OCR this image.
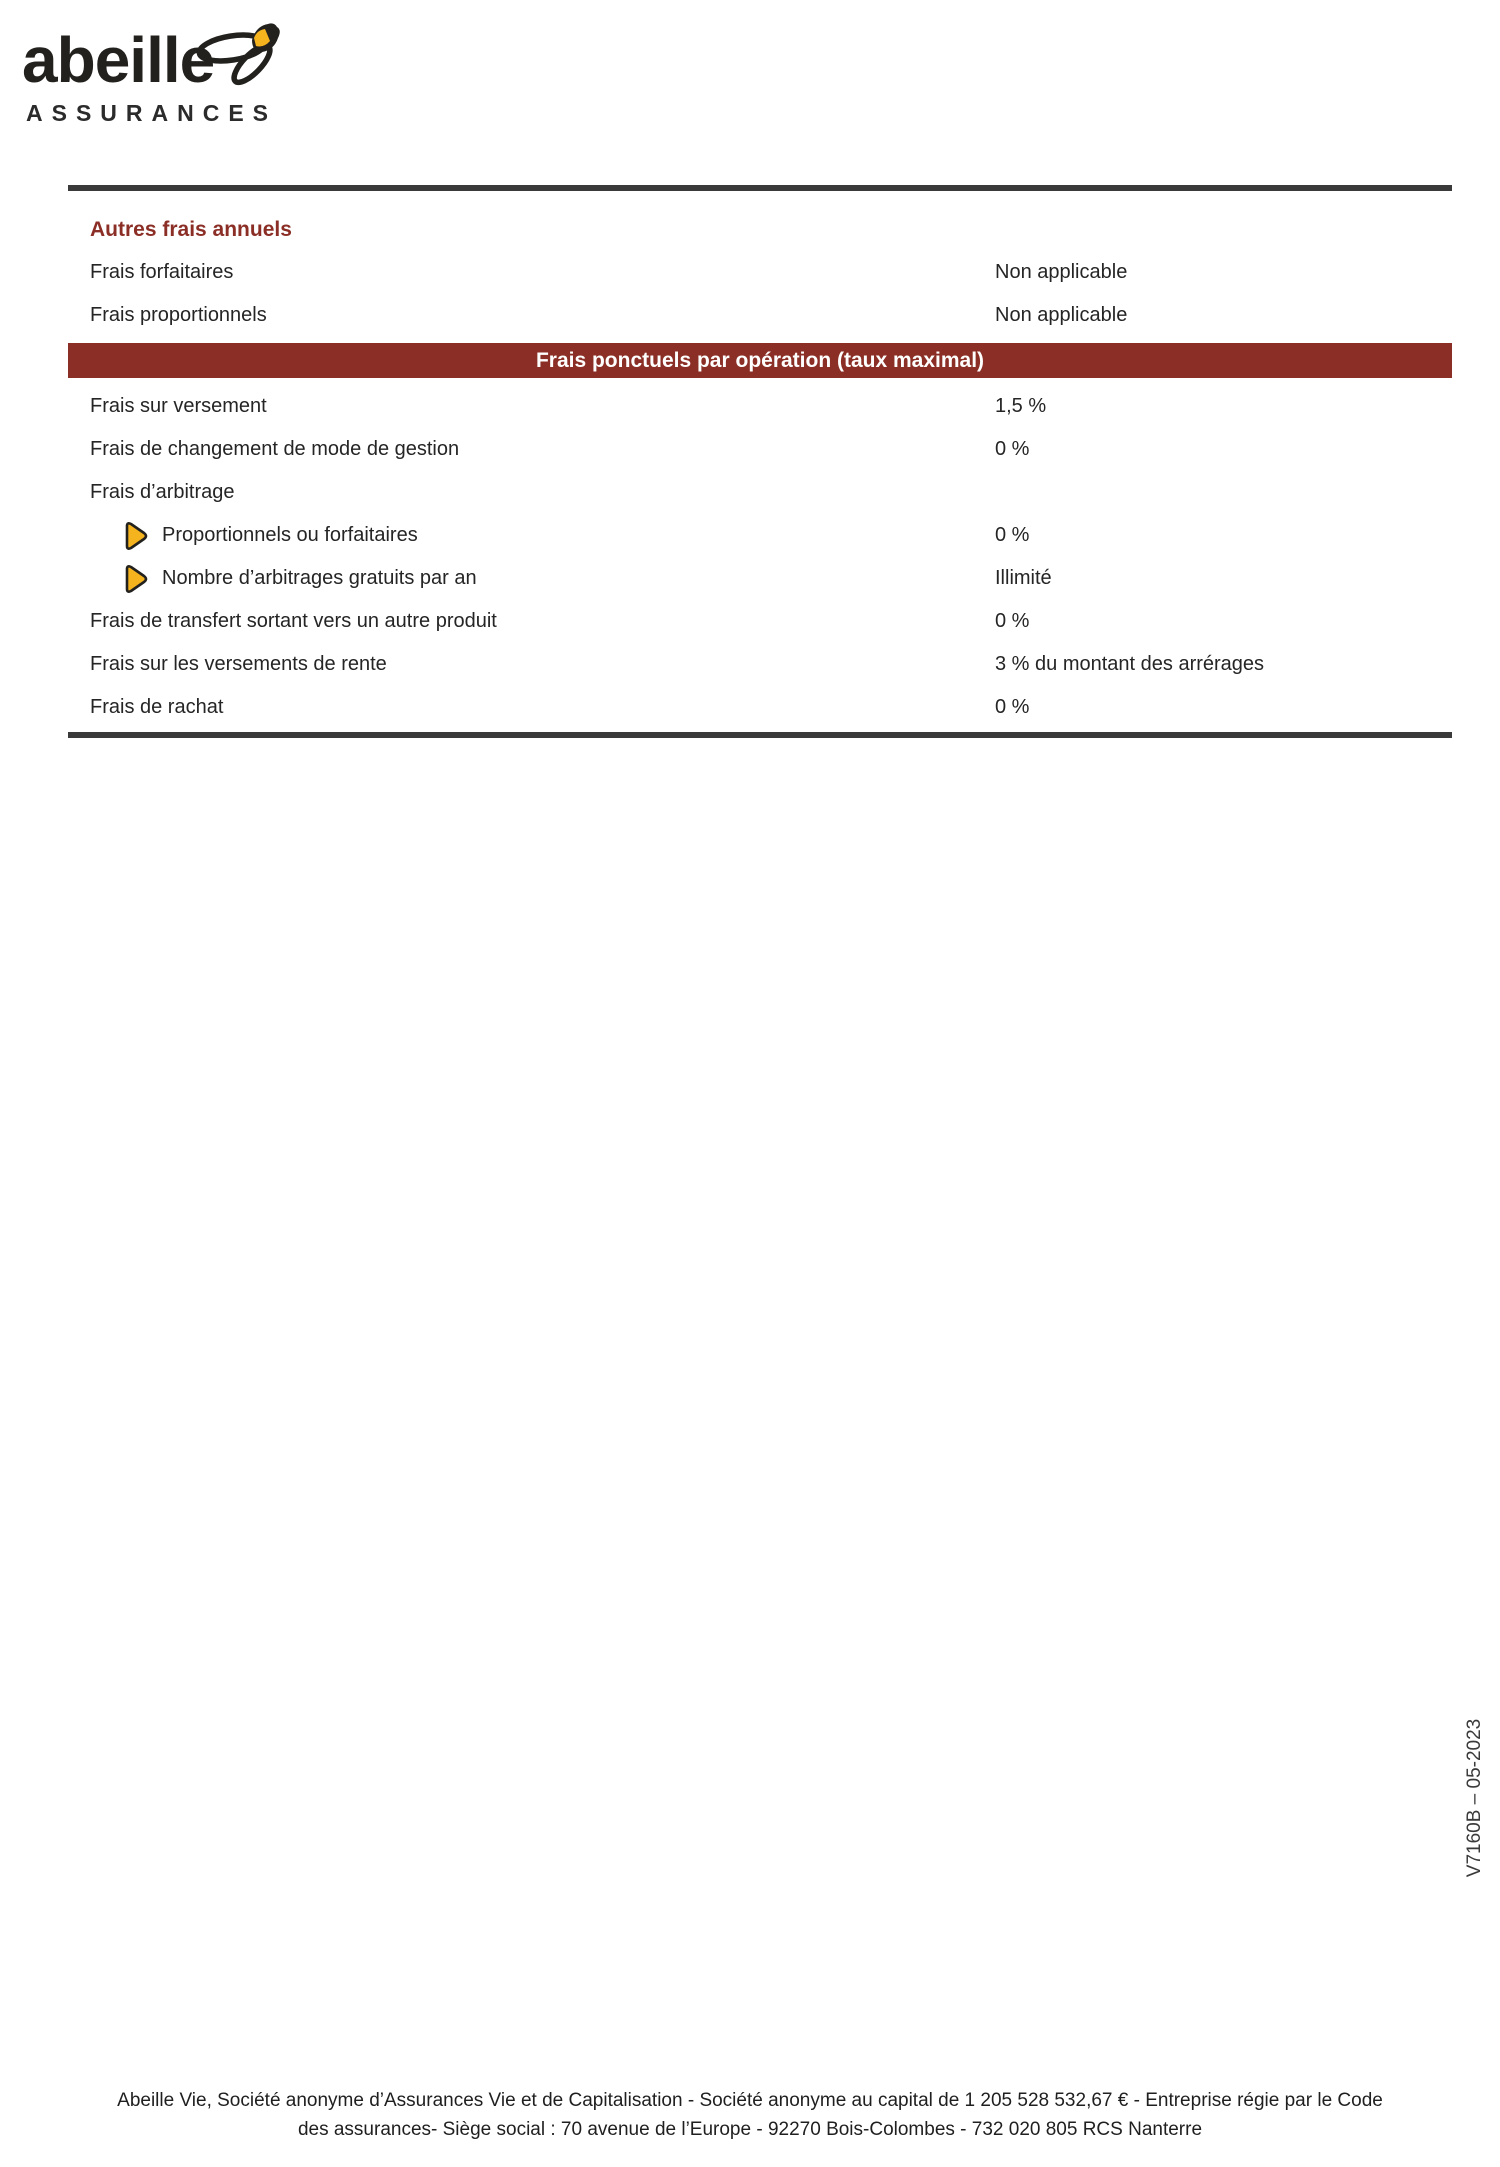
abeille
ASSURANCES
Autres frais annuels
Frais forfaitaires	Non applicable
Frais proportionnels	Non applicable
Frais ponctuels par opération (taux maximal)
Frais sur versement	1,5 %
Frais de changement de mode de gestion	0 %
Frais d’arbitrage
Proportionnels ou forfaitaires	0 %
Nombre d’arbitrages gratuits par an	Illimité
Frais de transfert sortant vers un autre produit	0 %
Frais sur les versements de rente	3 % du montant des arrérages
Frais de rachat	0 %
V7160B – 05-2023
Abeille Vie, Société anonyme d’Assurances Vie et de Capitalisation - Société anonyme au capital de 1 205 528 532,67 € - Entreprise régie par le Code
des assurances- Siège social : 70 avenue de l’Europe - 92270 Bois-Colombes - 732 020 805 RCS Nanterre
